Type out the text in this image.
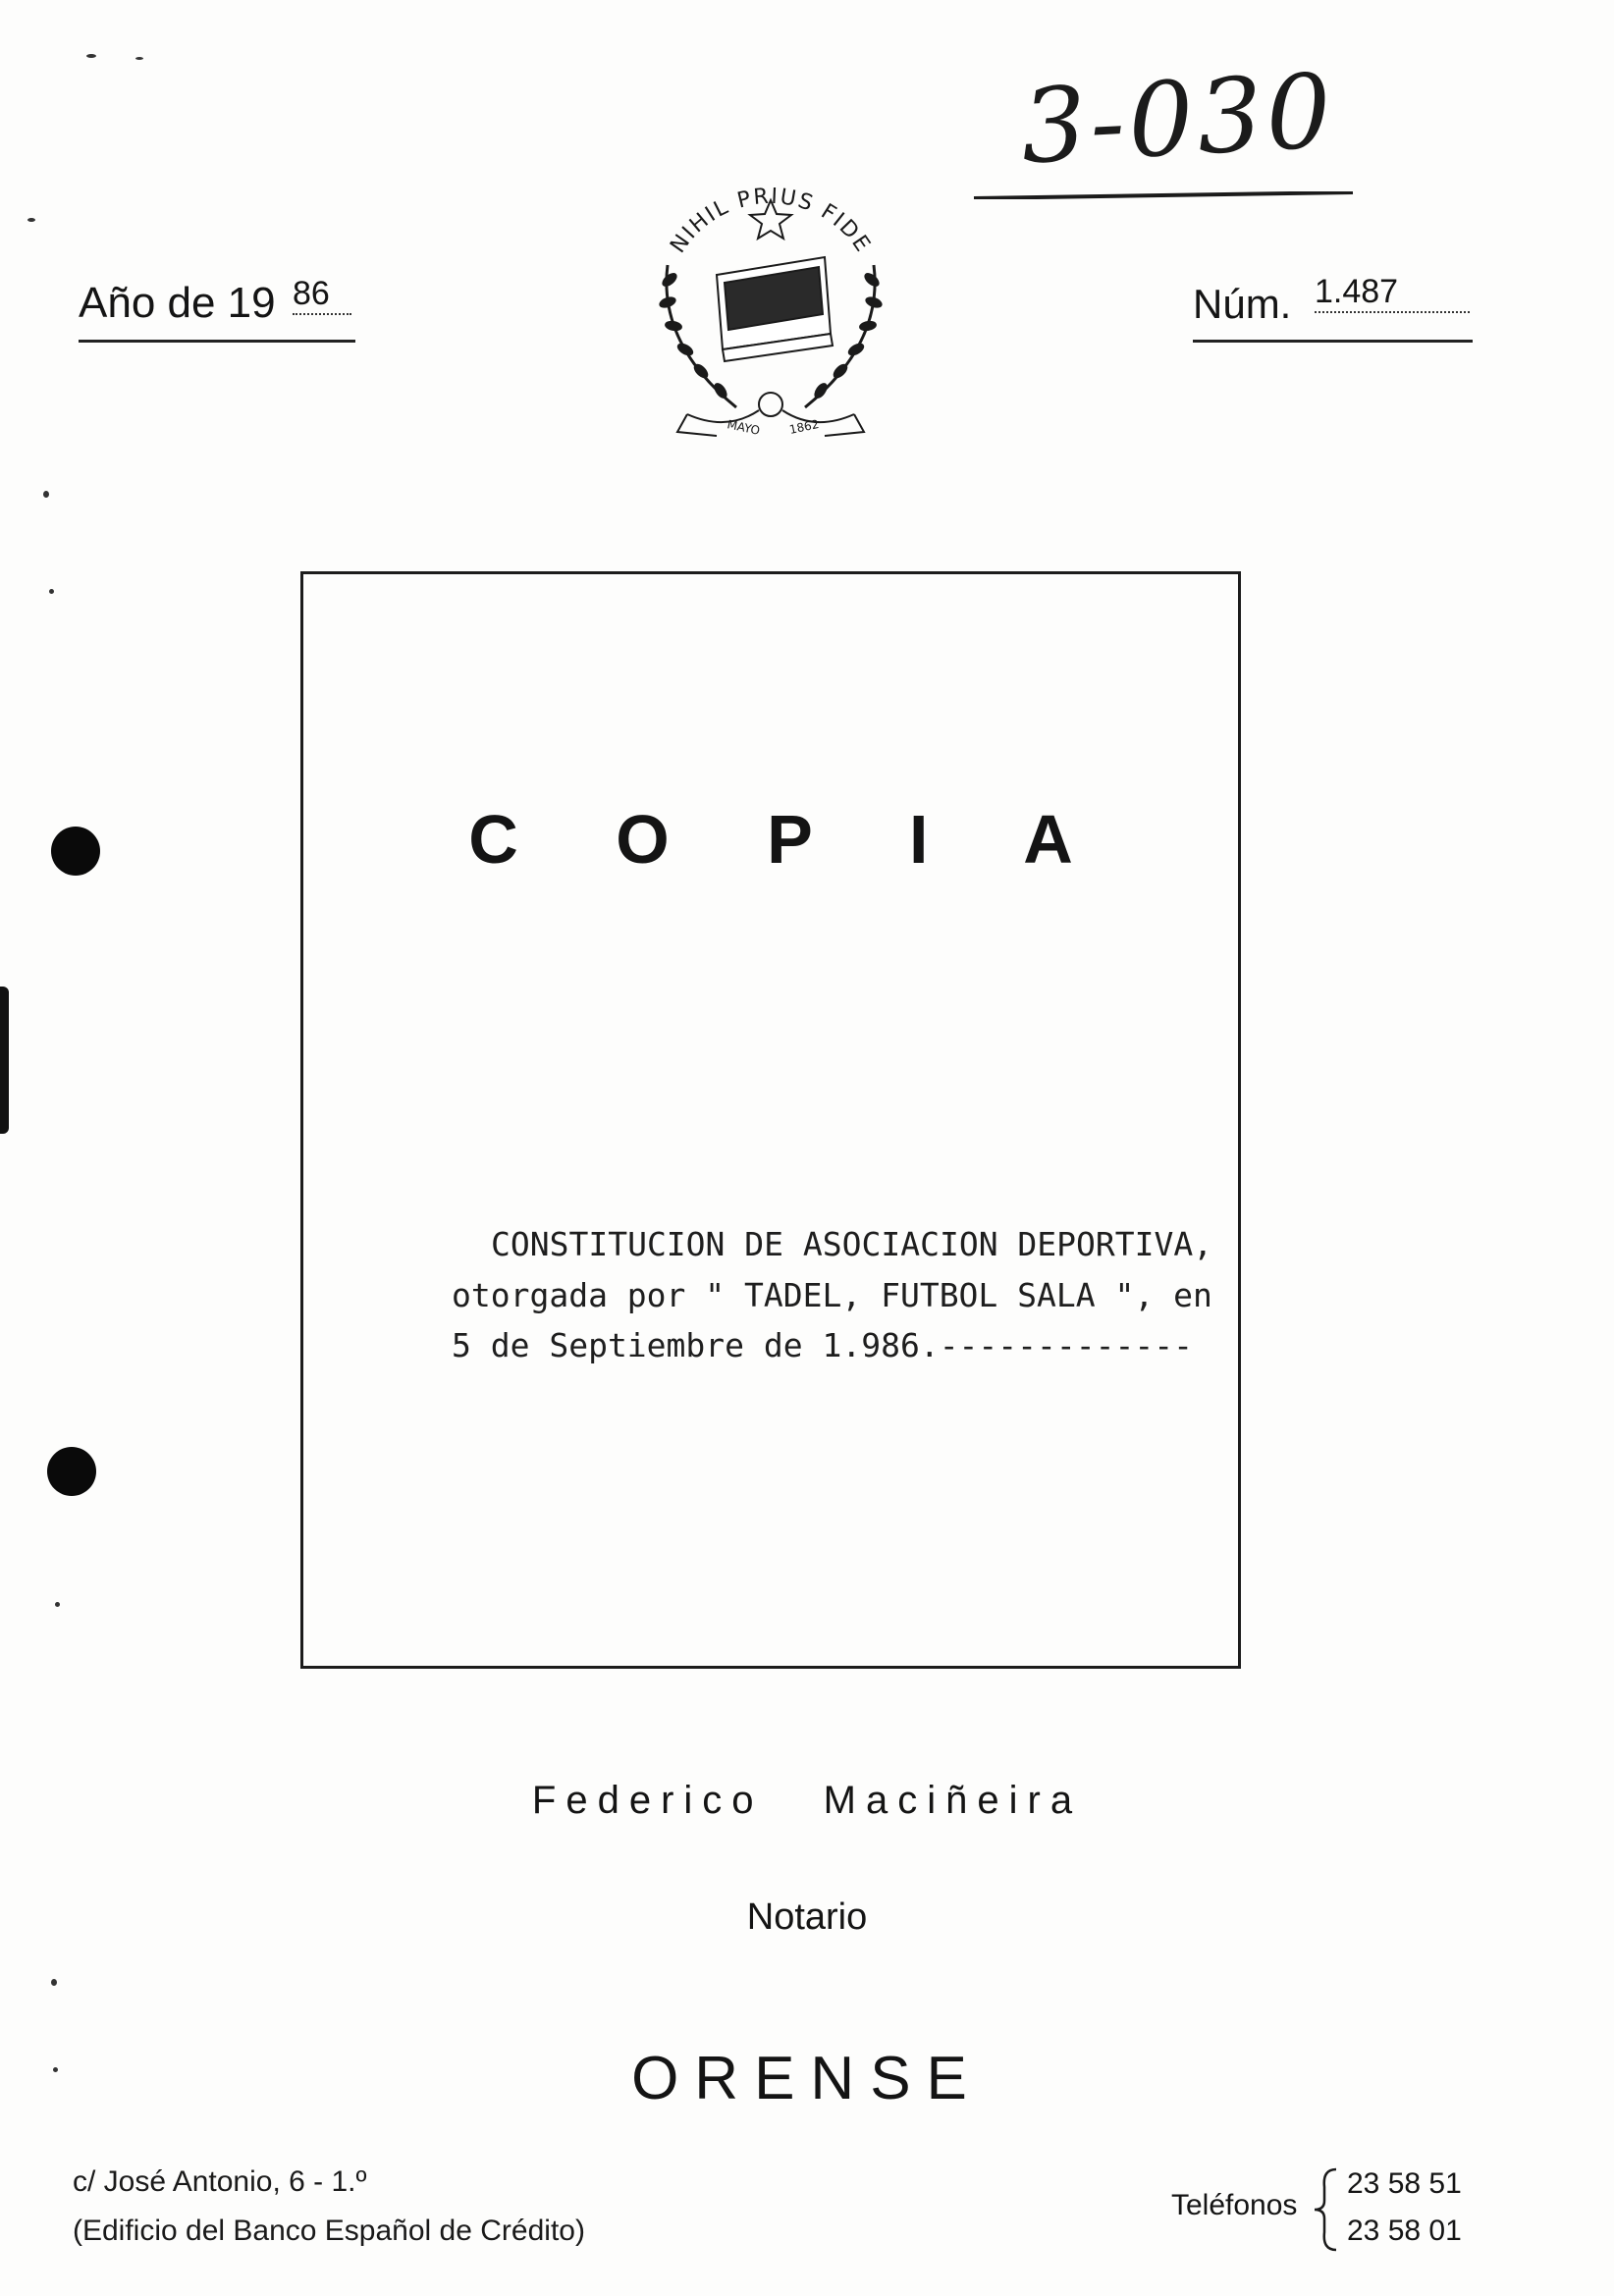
3-030
Año de 19 86	Núm. 1.487
NIHIL PRIUS FIDE
MAYO 1862
C O P I A
CONSTITUCION DE ASOCIACION DEPORTIVA,
otorgada por " TADEL, FUTBOL SALA ", en
5 de Septiembre de 1.986.-------------
Federico Maciñeira
Notario
ORENSE
c/ José Antonio, 6 - 1.º
(Edificio del Banco Español de Crédito)
Teléfonos
23 58 51
23 58 01
